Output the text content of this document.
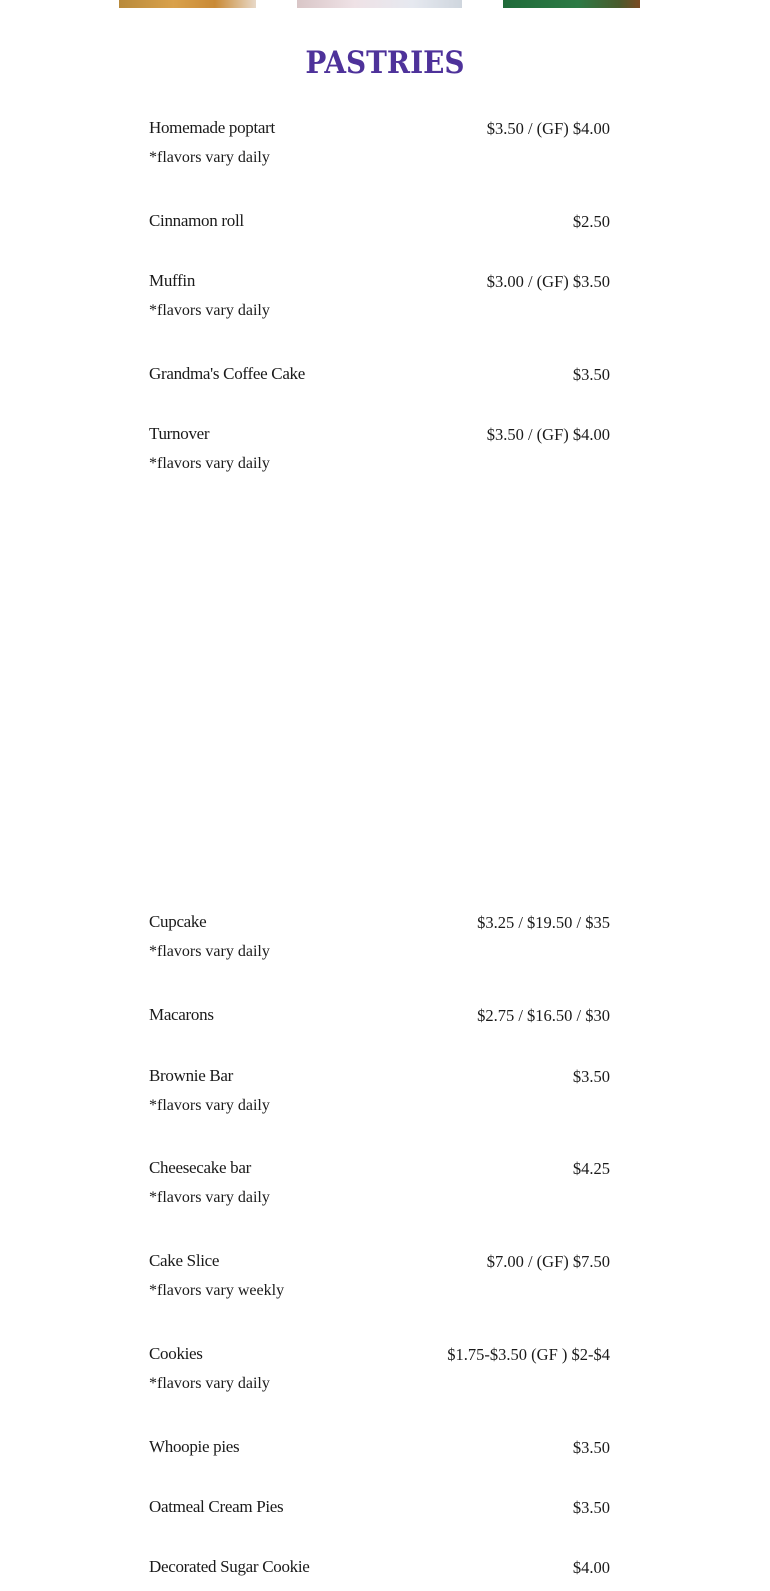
PASTRIES
Homemade poptart	$3.50 / (GF) $4.00
*flavors vary daily
Cinnamon roll	$2.50
Muffin	$3.00 / (GF) $3.50
*flavors vary daily
Grandma's Coffee Cake	$3.50
Turnover	$3.50 / (GF) $4.00
*flavors vary daily
Cupcake	$3.25 / $19.50 / $35
*flavors vary daily
Macarons	$2.75 / $16.50 / $30
Brownie Bar	$3.50
*flavors vary daily
Cheesecake bar	$4.25
*flavors vary daily
Cake Slice	$7.00 / (GF) $7.50
*flavors vary weekly
Cookies	$1.75-$3.50 (GF ) $2-$4
*flavors vary daily
Whoopie pies	$3.50
Oatmeal Cream Pies	$3.50
Decorated Sugar Cookie	$4.00
